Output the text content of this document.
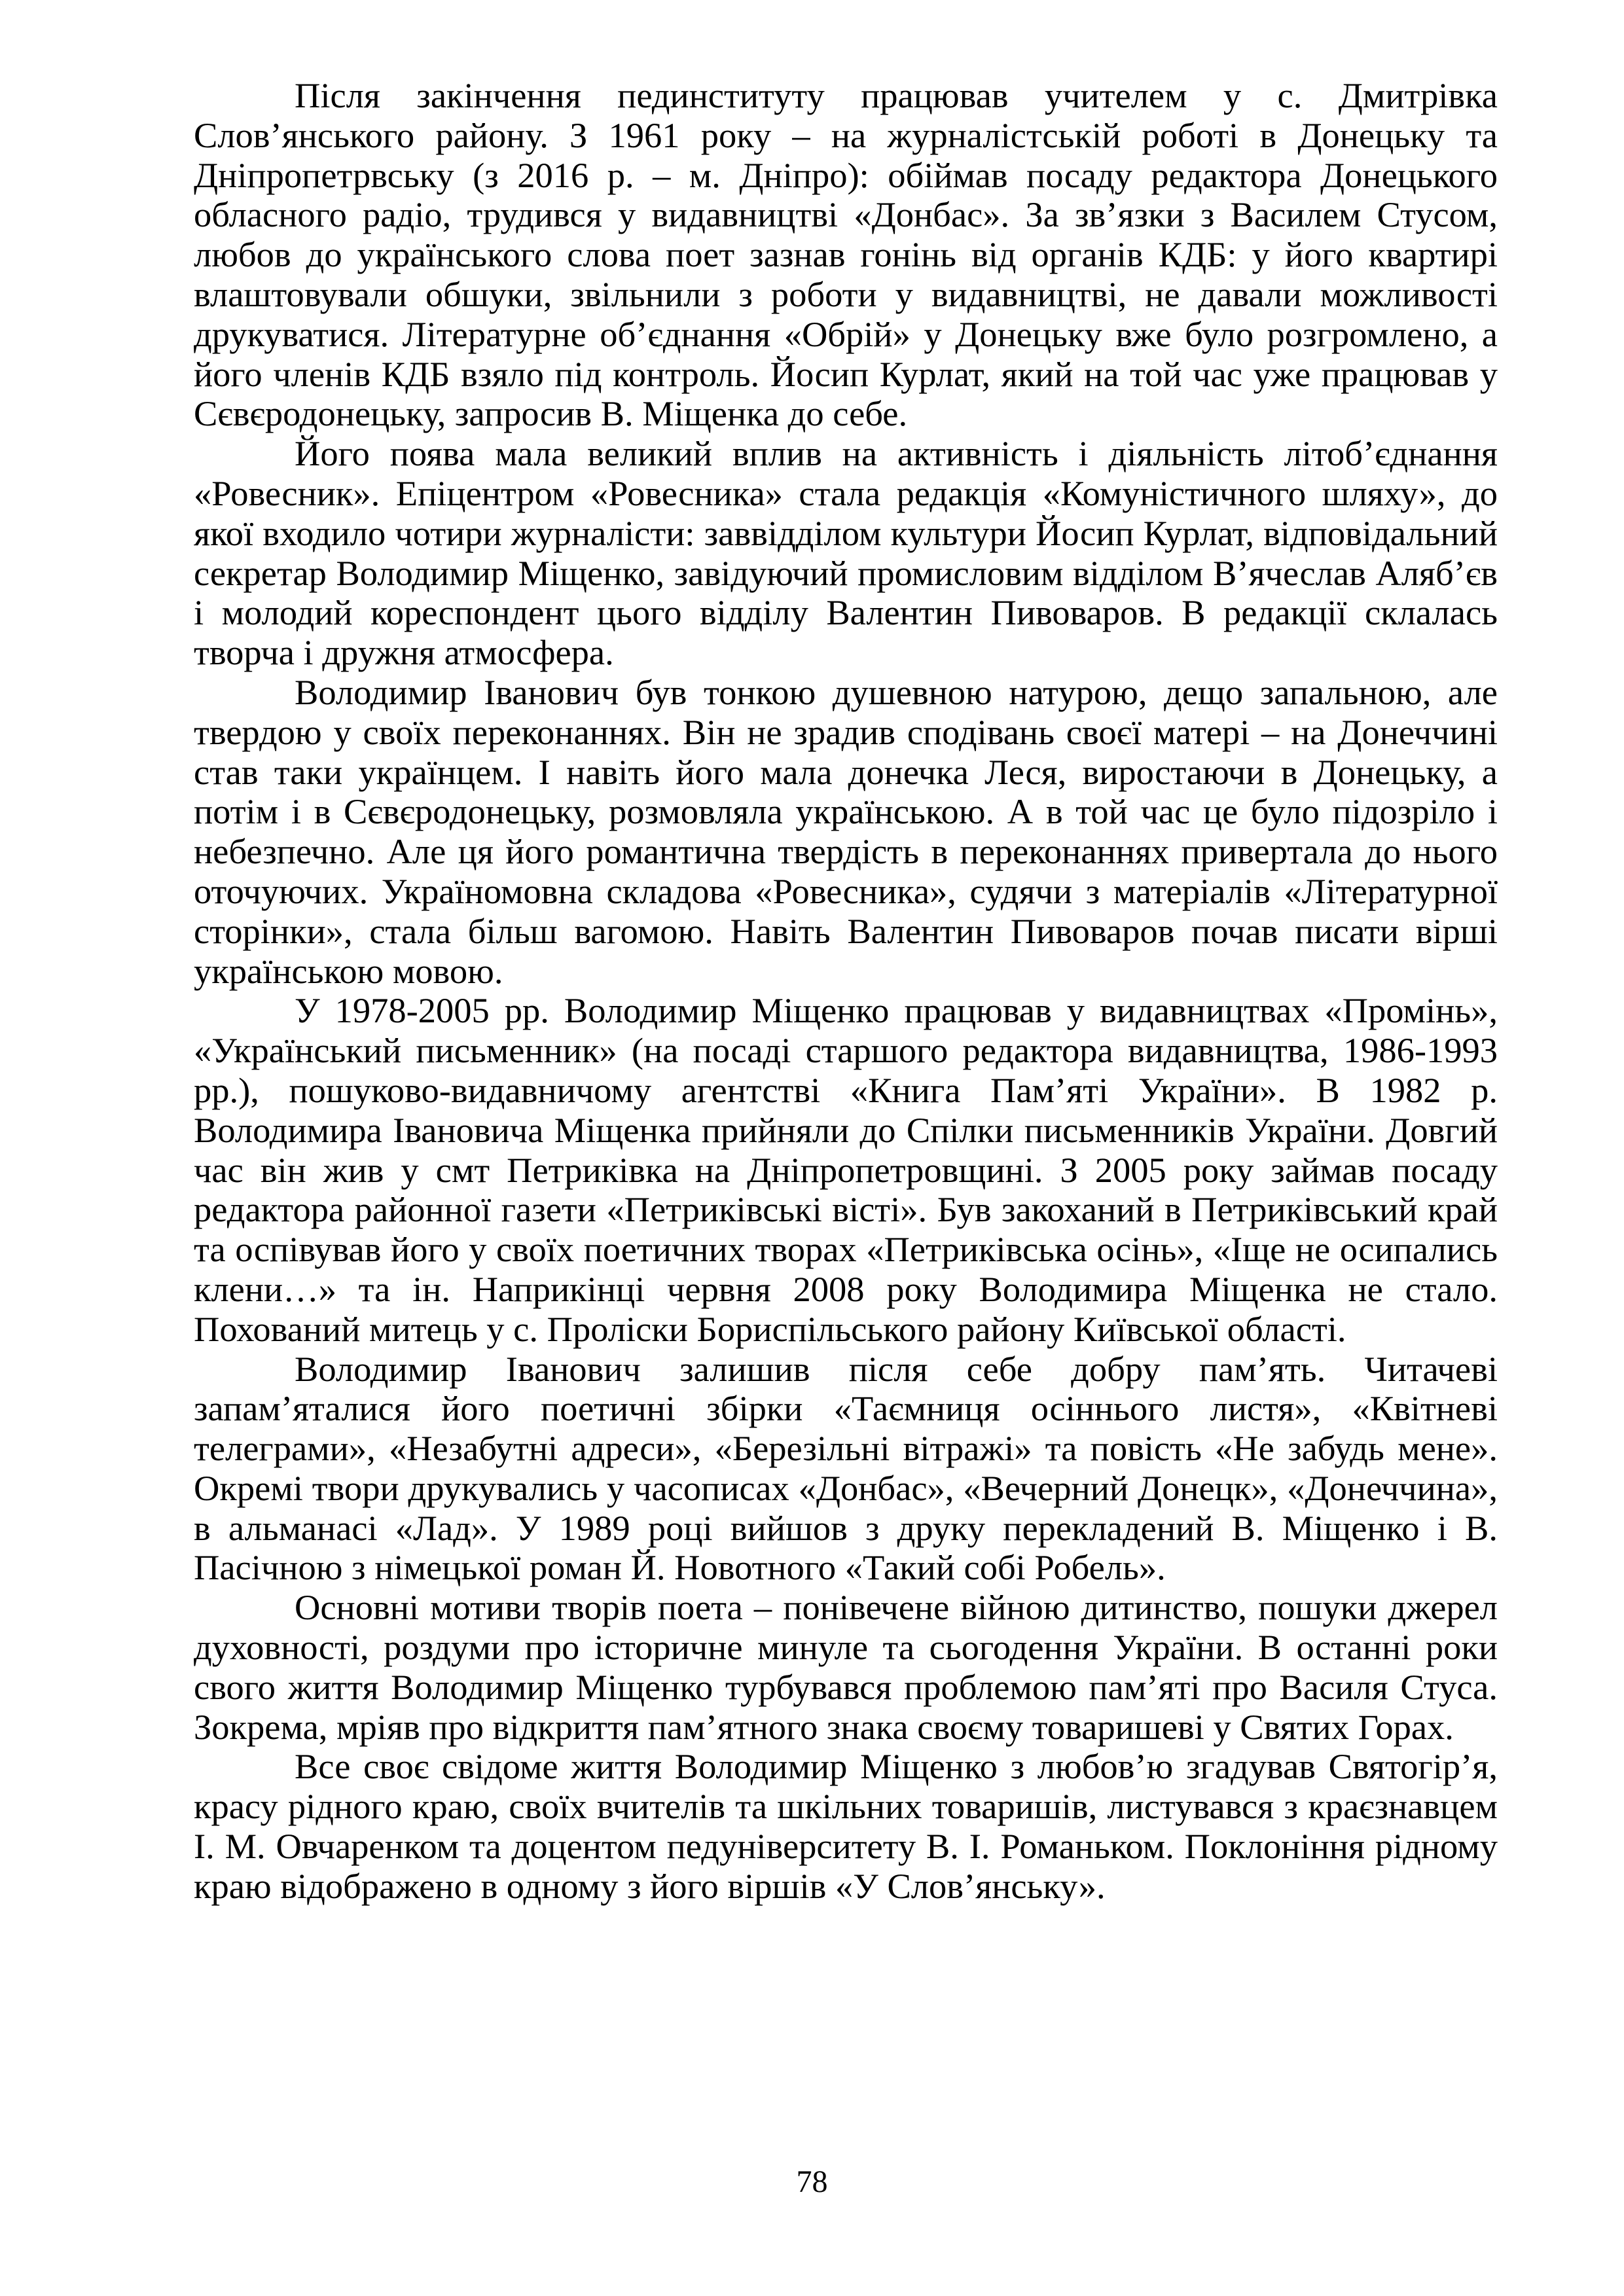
Після закінчення пединституту працював учителем у с. Дмитрівка Слов’янського району. З 1961 року – на журналістській роботі в Донецьку та Дніпропетрвську (з 2016 р. – м. Дніпро): обіймав посаду редактора Донецького обласного радіо, трудився у видавництві «Донбас». За зв’язки з Василем Стусом, любов до українського слова поет зазнав гонінь від органів КДБ: у його квартирі влаштовували обшуки, звільнили з роботи у видавництві, не давали можливості друкуватися. Літературне об’єднання «Обрій» у Донецьку вже було розгромлено, а його членів КДБ взяло під контроль. Йосип Курлат, який на той час уже працював у Сєвєродонецьку, запросив В. Міщенка до себе.

Його поява мала великий вплив на активність і діяльність літоб’єднання «Ровесник». Епіцентром «Ровесника» стала редакція «Комуністичного шляху», до якої входило чотири журналісти: заввідділом культури Йосип Курлат, відповідальний секретар Володимир Міщенко, завідуючий промисловим відділом В’ячеслав Аляб’єв і молодий кореспондент цього відділу Валентин Пивоваров. В редакції склалась творча і дружня атмосфера.

Володимир Іванович був тонкою душевною натурою, дещо запальною, але твердою у своїх переконаннях. Він не зрадив сподівань своєї матері – на Донеччині став таки українцем. І навіть його мала донечка Леся, виростаючи в Донецьку, а потім і в Сєвєродонецьку, розмовляла українською. А в той час це було підозріло і небезпечно. Але ця його романтична твердість в переконаннях привертала до нього оточуючих. Україномовна складова «Ровесника», судячи з матеріалів «Літературної сторінки», стала більш вагомою. Навіть Валентин Пивоваров почав писати вірші українською мовою.

У 1978-2005 рр. Володимир Міщенко працював у видавництвах «Промінь», «Український письменник» (на посаді старшого редактора видавництва, 1986-1993 рр.), пошуково-видавничому агентстві «Книга Пам’яті України». В 1982 р. Володимира Івановича Міщенка прийняли до Спілки письменників України. Довгий час він жив у смт Петриківка на Дніпропетровщині. З 2005 року займав посаду редактора районної газети «Петриківські вісті». Був закоханий в Петриківський край та оспівував його у своїх поетичних творах «Петриківська осінь», «Іще не осипались клени…» та ін. Наприкінці червня 2008 року Володимира Міщенка не стало. Похований митець у с. Проліски Бориспільського району Київської області.

Володимир Іванович залишив після себе добру пам’ять. Читачеві запам’яталися його поетичні збірки «Таємниця осіннього листя», «Квітневі телеграми», «Незабутні адреси», «Березільні вітражі» та повість «Не забудь мене». Окремі твори друкувались у часописах «Донбас», «Вечерний Донецк», «Донеччина», в альманасі «Лад». У 1989 році вийшов з друку перекладений В. Міщенко і В. Пасічною з німецької роман Й. Новотного «Такий собі Робель».

Основні мотиви творів поета – понівечене війною дитинство, пошуки джерел духовності, роздуми про історичне минуле та сьогодення України. В останні роки свого життя Володимир Міщенко турбувався проблемою пам’яті про Василя Стуса. Зокрема, мріяв про відкриття пам’ятного знака своєму товаришеві у Святих Горах.

Все своє свідоме життя Володимир Міщенко з любов’ю згадував Святогір’я, красу рідного краю, своїх вчителів та шкільних товаришів, листувався з краєзнавцем І. М. Овчаренком та доцентом педуніверситету В. І. Романьком. Поклоніння рідному краю відображено в одному з його віршів «У Слов’янську».

78
